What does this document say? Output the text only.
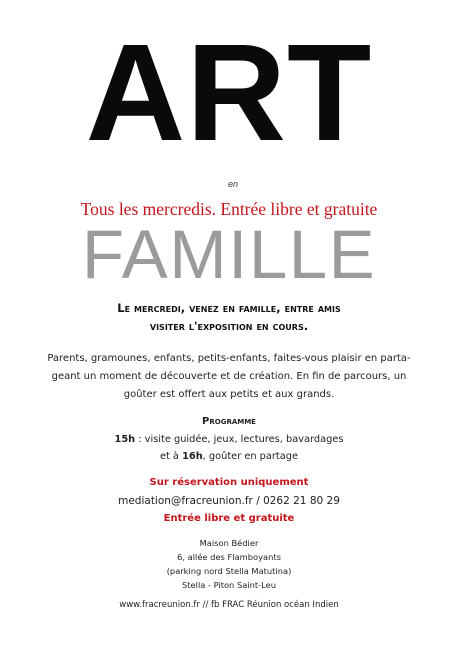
ART
en
Tous les mercredis. Entrée libre et gratuite
FAMILLE
Le mercredi, venez en famille, entre amis
visiter l'exposition en cours.
Parents, gramounes, enfants, petits-enfants, faites-vous plaisir en parta-
geant un moment de découverte et de création. En fin de parcours, un
goûter est offert aux petits et aux grands.
Programme
15h : visite guidée, jeux, lectures, bavardages
et à 16h, goûter en partage
Sur réservation uniquement
mediation@fracreunion.fr / 0262 21 80 29
Entrée libre et gratuite
Maison Bédier
6, allée des Flamboyants
(parking nord Stella Matutina)
Stella - Piton Saint-Leu
www.fracreunion.fr // fb FRAC Réunion océan Indien
